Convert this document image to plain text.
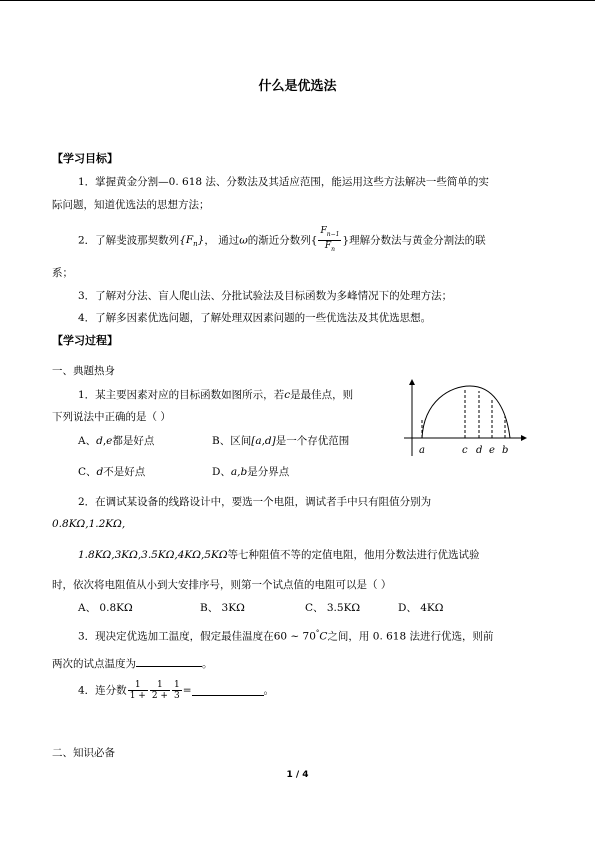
什么是优选法
【学习目标】
1．掌握黄金分割—0. 618 法、分数法及其适应范围，能运用这些方法解决一些简单的实
际问题，知道优选法的思想方法；
2．了解斐波那契数列$\{F_n\}$， 通过ω的渐近分数列{ $\frac{F_{n-1}}{F_n}$ }理解分数法与黄金分割法的联
系；
3．了解对分法、盲人爬山法、分批试验法及目标函数为多峰情况下的处理方法；
4．了解多因素优选问题，了解处理双因素问题的一些优选法及其优选思想。
【学习过程】
一、典题热身
1．某主要因素对应的目标函数如图所示，若c是最佳点，则
下列说法中正确的是（ ）
A、d,e都是好点	B、区间[a,d]是一个存优范围
C、d不是好点	D、a,b是分界点
a	c d e b
2．在调试某设备的线路设计中，要选一个电阻，调试者手中只有阻值分别为
0.8KΩ,1.2KΩ,
1.8KΩ,3KΩ,3.5KΩ,4KΩ,5KΩ等七种阻值不等的定值电阻，他用分数法进行优选试验
时，依次将电阻值从小到大安排序号，则第一个试点值的电阻可以是（ ）
A、 0.8KΩ	B、 3KΩ	C、 3.5KΩ	D、 4KΩ
3．现决定优选加工温度，假定最佳温度在60 ~ 70°C之间，用 0. 618 法进行优选，则前
两次的试点温度为	。
4．连分数 $\frac{1}{1 +} \frac{1}{2 +} \frac{1}{3}$ =	。
二、知识必备
1 / 4
